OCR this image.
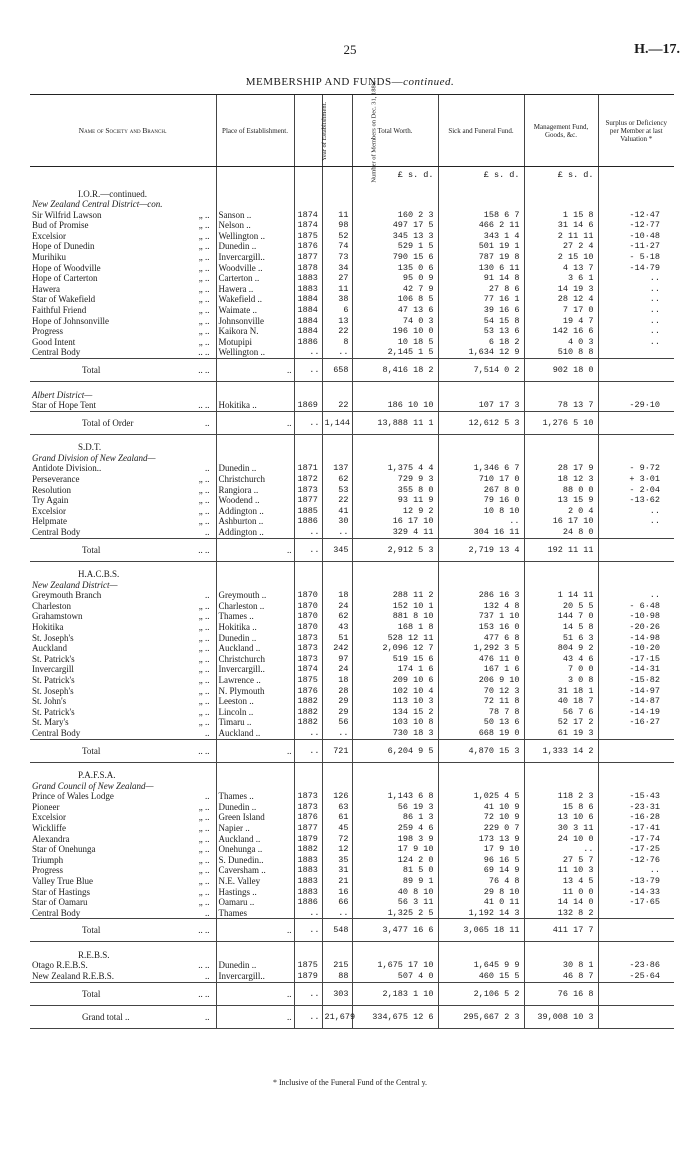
25	H.—17.
MEMBERSHIP AND FUNDS—continued.
Name of Society and Branch.	Place of Establishment.	Year of Establishment.	Number of Members on Dec. 31, 1886.	Total Worth.	Sick and Funeral Fund.	Management Fund, Goods, &c.	Surplus or Deficiency per Member at last Valuation *
				£ s. d.	£ s. d.	£ s. d.	

I.O.R.—continued.							
New Zealand Central District—con.							
Sir Wilfrid Lawson „ ..	Sanson ..	1874	11	160 2 3	158 6 7	1 15 8	-12·47
Bud of Promise „ ..	Nelson ..	1874	98	497 17 5	466 2 11	31 14 6	-12·77
Excelsior „ ..	Wellington ..	1875	52	345 13 3	343 1 4	2 11 11	-10·48
Hope of Dunedin „ ..	Dunedin ..	1876	74	529 1 5	501 19 1	27 2 4	-11·27
Murihiku „ ..	Invercargill..	1877	73	790 15 6	787 19 8	2 15 10	- 5·18
Hope of Woodville „ ..	Woodville ..	1878	34	135 0 6	130 6 11	4 13 7	-14·79
Hope of Carterton „ ..	Carterton ..	1883	27	95 0 9	91 14 8	3 6 1	..
Hawera „ ..	Hawera ..	1883	11	42 7 9	27 8 6	14 19 3	..
Star of Wakefield „ ..	Wakefield ..	1884	38	106 8 5	77 16 1	28 12 4	..
Faithful Friend „ ..	Waimate ..	1884	6	47 13 6	39 16 6	7 17 0	..
Hope of Johnsonville „ ..	Johnsonville	1884	13	74 0 3	54 15 8	19 4 7	..
Progress „ ..	Kaikora N.	1884	22	196 10 0	53 13 6	142 16 6	..
Good Intent „ ..	Motupipi	1886	8	10 18 5	6 18 2	4 0 3	..
Central Body .. ..	Wellington ..	..	..	2,145 1 5	1,634 12 9	510 8 8	
Total .. ..	..	..	658	8,416 18 2	7,514 0 2	902 18 0	

Albert District—							
Star of Hope Tent .. ..	Hokitika ..	1869	22	186 10 10	107 17 3	78 13 7	-29·10
Total of Order ..	..	..	1,144	13,888 11 1	12,612 5 3	1,276 5 10	

S.D.T.							
Grand Division of New Zealand—							
Antidote Division.. ..	Dunedin ..	1871	137	1,375 4 4	1,346 6 7	28 17 9	- 9·72
Perseverance „ ..	Christchurch	1872	62	729 9 3	710 17 0	18 12 3	+ 3·01
Resolution „ ..	Rangiora ..	1873	53	355 8 0	267 8 0	88 0 0	- 2·04
Try Again „ ..	Woodend ..	1877	22	93 11 9	79 16 0	13 15 9	-13·62
Excelsior „ ..	Addington ..	1885	41	12 9 2	10 8 10	2 0 4	..
Helpmate „ ..	Ashburton ..	1886	30	16 17 10	..	16 17 10	..
Central Body ..	Addington ..	..	..	329 4 11	304 16 11	24 8 0	
Total .. ..	..	..	345	2,912 5 3	2,719 13 4	192 11 11	

H.A.C.B.S.							
New Zealand District—							
Greymouth Branch ..	Greymouth ..	1870	18	288 11 2	286 16 3	1 14 11	..
Charleston „ ..	Charleston ..	1870	24	152 10 1	132 4 8	20 5 5	- 6·48
Grahamstown „ ..	Thames ..	1870	62	881 8 10	737 1 10	144 7 0	-10·98
Hokitika „ ..	Hokitika ..	1870	43	168 1 8	153 16 0	14 5 8	-20·26
St. Joseph's „ ..	Dunedin ..	1873	51	528 12 11	477 6 8	51 6 3	-14·98
Auckland „ ..	Auckland ..	1873	242	2,096 12 7	1,292 3 5	804 9 2	-10·20
St. Patrick's „ ..	Christchurch	1873	97	519 15 6	476 11 0	43 4 6	-17·15
Invercargill „ ..	Invercargill..	1874	24	174 1 6	167 1 6	7 0 0	-14·31
St. Patrick's „ ..	Lawrence ..	1875	18	209 10 6	206 9 10	3 0 8	-15·82
St. Joseph's „ ..	N. Plymouth	1876	28	102 10 4	70 12 3	31 18 1	-14·97
St. John's „ ..	Leeston ..	1882	29	113 10 3	72 11 8	40 18 7	-14·87
St. Patrick's „ ..	Lincoln ..	1882	29	134 15 2	78 7 8	56 7 6	-14·19
St. Mary's „ ..	Timaru ..	1882	56	103 10 8	50 13 6	52 17 2	-16·27
Central Body ..	Auckland ..	..	..	730 18 3	668 19 0	61 19 3	
Total .. ..	..	..	721	6,204 9 5	4,870 15 3	1,333 14 2	

P.A.F.S.A.							
Grand Council of New Zealand—							
Prince of Wales Lodge ..	Thames ..	1873	126	1,143 6 8	1,025 4 5	118 2 3	-15·43
Pioneer „ ..	Dunedin ..	1873	63	56 19 3	41 10 9	15 8 6	-23·31
Excelsior „ ..	Green Island	1876	61	86 1 3	72 10 9	13 10 6	-16·28
Wickliffe „ ..	Napier ..	1877	45	259 4 6	229 0 7	30 3 11	-17·41
Alexandra „ ..	Auckland ..	1879	72	198 3 9	173 13 9	24 10 0	-17·74
Star of Onehunga „ ..	Onehunga ..	1882	12	17 9 10	17 9 10	..	-17·25
Triumph „ ..	S. Dunedin..	1883	35	124 2 0	96 16 5	27 5 7	-12·76
Progress „ ..	Caversham ..	1883	31	81 5 0	69 14 9	11 10 3	..
Valley True Blue „ ..	N.E. Valley	1883	21	89 9 1	76 4 8	13 4 5	-13·79
Star of Hastings „ ..	Hastings ..	1883	16	40 8 10	29 8 10	11 0 0	-14·33
Star of Oamaru „ ..	Oamaru ..	1886	66	56 3 11	41 0 11	14 14 0	-17·65
Central Body ..	Thames	..	..	1,325 2 5	1,192 14 3	132 8 2	
Total .. ..	..	..	548	3,477 16 6	3,065 18 11	411 17 7	

R.E.B.S.							
Otago R.E.B.S. .. ..	Dunedin ..	1875	215	1,675 17 10	1,645 9 9	30 8 1	-23·86
New Zealand R.E.B.S. ..	Invercargill..	1879	88	507 4 0	460 15 5	46 8 7	-25·64
Total .. ..	..	..	303	2,183 1 10	2,106 5 2	76 16 8	
Grand total .. ..	..	..	21,679	334,675 12 6	295,667 2 3	39,008 10 3	
* Inclusive of the Funeral Fund of the Central y.
